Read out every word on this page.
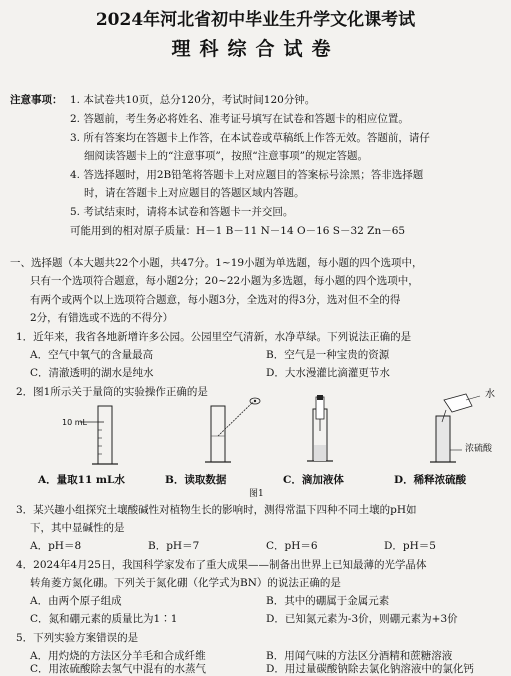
2024年河北省初中毕业生升学文化课考试
理科综合试卷
注意事项： 1. 本试卷共10页，总分120分，考试时间120分钟。
2. 答题前，考生务必将姓名、准考证号填写在试卷和答题卡的相应位置。
3. 所有答案均在答题卡上作答，在本试卷或草稿纸上作答无效。答题前，请仔
细阅读答题卡上的“注意事项”，按照“注意事项”的规定答题。
4. 答选择题时，用2B铅笔将答题卡上对应题目的答案标号涂黑；答非选择题
时，请在答题卡上对应题目的答题区域内答题。
5. 考试结束时，请将本试卷和答题卡一并交回。
可能用到的相对原子质量：H－1 B－11 N－14 O－16 S－32 Zn－65
一、选择题（本大题共22个小题，共47分。1~19小题为单选题，每小题的四个选项中，
只有一个选项符合题意，每小题2分；20~22小题为多选题，每小题的四个选项中，
有两个或两个以上选项符合题意，每小题3分，全选对的得3分，选对但不全的得
2分，有错选或不选的不得分）
1．近年来，我省各地新增许多公园。公园里空气清新，水净草绿。下列说法正确的是
A．空气中氧气的含量最高	B．空气是一种宝贵的资源
C．清澈透明的湖水是纯水	D．大水漫灌比滴灌更节水
2．图1所示关于量筒的实验操作正确的是
10 mL
水
浓硫酸
A．量取11 mL水	B．读取数据	C．滴加液体	D．稀释浓硫酸
图1
3．某兴趣小组探究土壤酸碱性对植物生长的影响时，测得常温下四种不同土壤的pH如
下，其中显碱性的是
A．pH＝8	B．pH＝7	C．pH＝6	D．pH＝5
4．2024年4月25日，我国科学家发布了重大成果——制备出世界上已知最薄的光学晶体
转角菱方氮化硼。下列关于氮化硼（化学式为BN）的说法正确的是
A．由两个原子组成	B．其中的硼属于金属元素
C．氮和硼元素的质量比为1∶1	D．已知氮元素为-3价，则硼元素为+3价
5．下列实验方案错误的是
A．用灼烧的方法区分羊毛和合成纤维	B．用闻气味的方法区分酒精和蔗糖溶液
C．用浓硫酸除去氢气中混有的水蒸气	D．用过量碳酸钠除去氯化钠溶液中的氯化钙
